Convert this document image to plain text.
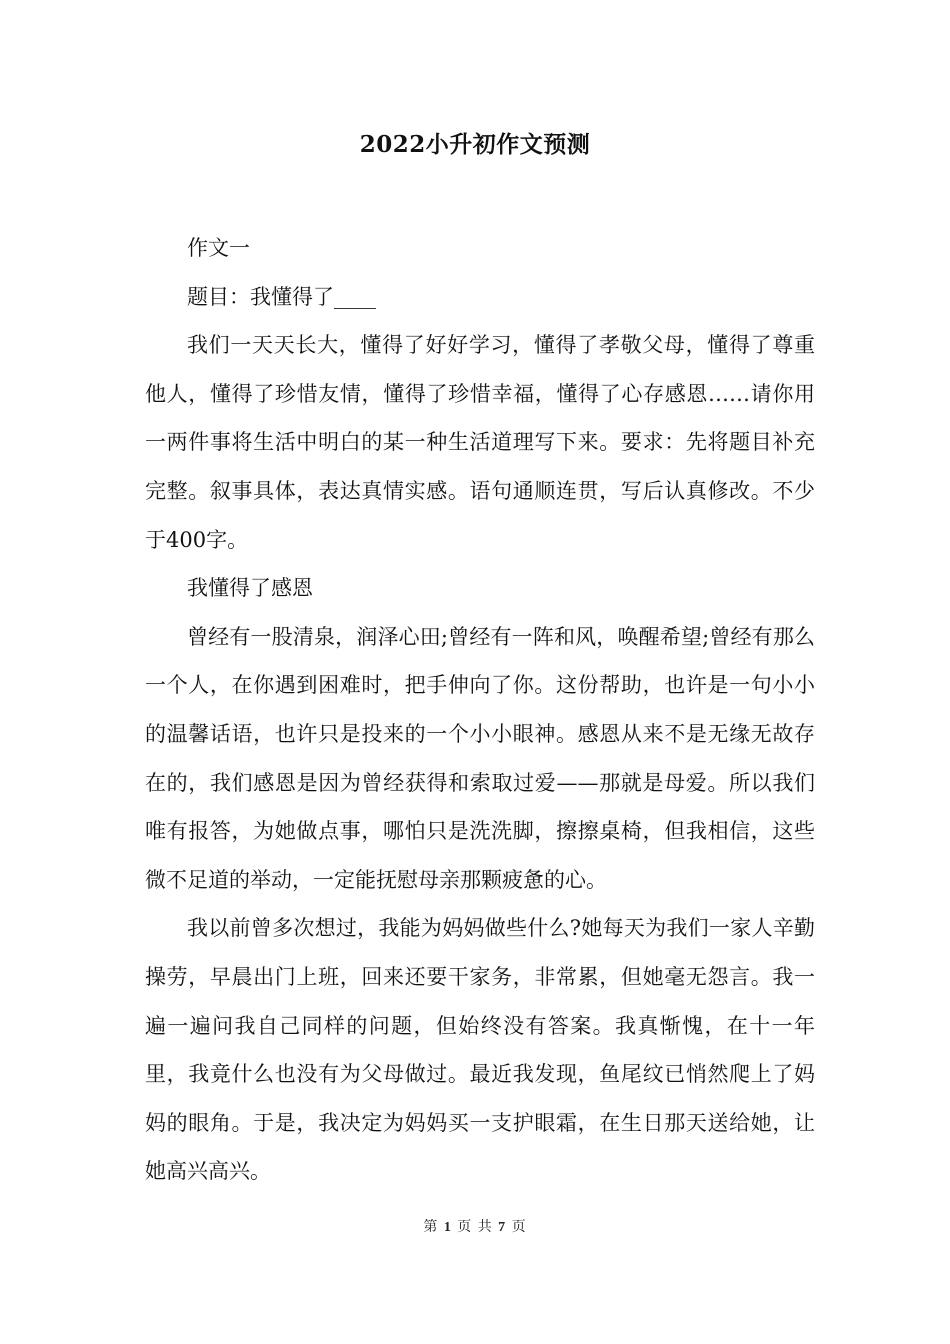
2022小升初作文预测

作文一

题目：我懂得了____

我们一天天长大，懂得了好好学习，懂得了孝敬父母，懂得了尊重他人，懂得了珍惜友情，懂得了珍惜幸福，懂得了心存感恩……请你用一两件事将生活中明白的某一种生活道理写下来。要求：先将题目补充完整。叙事具体，表达真情实感。语句通顺连贯，写后认真修改。不少于400字。

我懂得了感恩

曾经有一股清泉，润泽心田;曾经有一阵和风，唤醒希望;曾经有那么一个人，在你遇到困难时，把手伸向了你。这份帮助，也许是一句小小的温馨话语，也许只是投来的一个小小眼神。感恩从来不是无缘无故存在的，我们感恩是因为曾经获得和索取过爱——那就是母爱。所以我们唯有报答，为她做点事，哪怕只是洗洗脚，擦擦桌椅，但我相信，这些微不足道的举动，一定能抚慰母亲那颗疲惫的心。

我以前曾多次想过，我能为妈妈做些什么?她每天为我们一家人辛勤操劳，早晨出门上班，回来还要干家务，非常累，但她毫无怨言。我一遍一遍问我自己同样的问题，但始终没有答案。我真惭愧，在十一年里，我竟什么也没有为父母做过。最近我发现，鱼尾纹已悄然爬上了妈妈的眼角。于是，我决定为妈妈买一支护眼霜，在生日那天送给她，让她高兴高兴。

第 1 页 共 7 页
